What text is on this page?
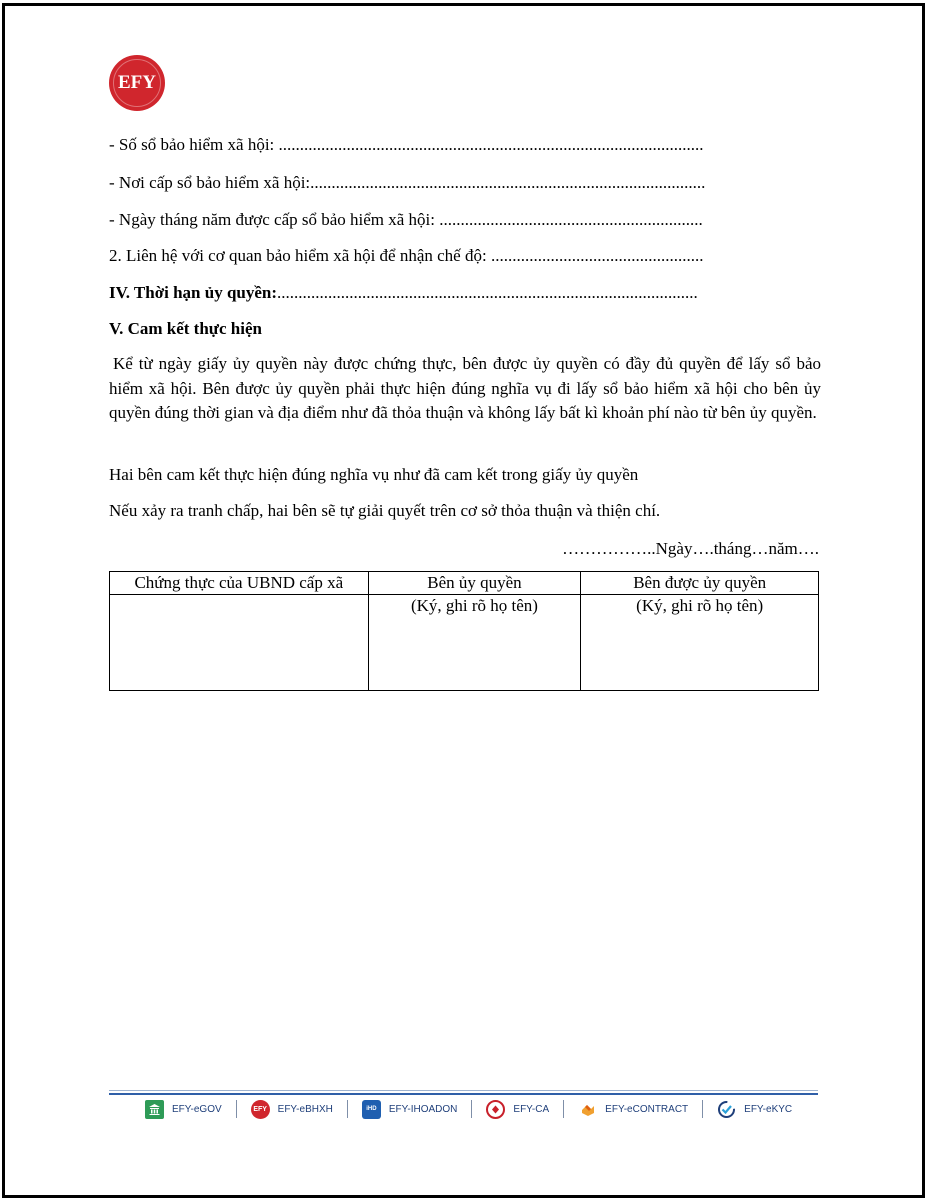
EFY
- Số sổ bảo hiểm xã hội: ....................................................................................................
- Nơi cấp sổ bảo hiểm xã hội:.............................................................................................
- Ngày tháng năm được cấp sổ bảo hiểm xã hội: ..............................................................
2. Liên hệ với cơ quan bảo hiểm xã hội để nhận chế độ: ..................................................
IV. Thời hạn ủy quyền:...................................................................................................
V. Cam kết thực hiện
Kể từ ngày giấy ủy quyền này được chứng thực, bên được ủy quyền có đầy đủ quyền để lấy sổ bảo hiểm xã hội. Bên được ủy quyền phải thực hiện đúng nghĩa vụ đi lấy sổ bảo hiểm xã hội cho bên ủy quyền đúng thời gian và địa điểm như đã thỏa thuận và không lấy bất kì khoản phí nào từ bên ủy quyền.
Hai bên cam kết thực hiện đúng nghĩa vụ như đã cam kết trong giấy ủy quyền
Nếu xảy ra tranh chấp, hai bên sẽ tự giải quyết trên cơ sở thỏa thuận và thiện chí.
……………..Ngày….tháng…năm….
Chứng thực của UBND cấp xã	Bên ủy quyền	Bên được ủy quyền
	(Ký, ghi rõ họ tên)	(Ký, ghi rõ họ tên)
EFY-eGOV	EFY EFY-eBHXH	iHD	EFY-IHOADON	EFY-CA	EFY-eCONTRACT	EFY-eKYC
